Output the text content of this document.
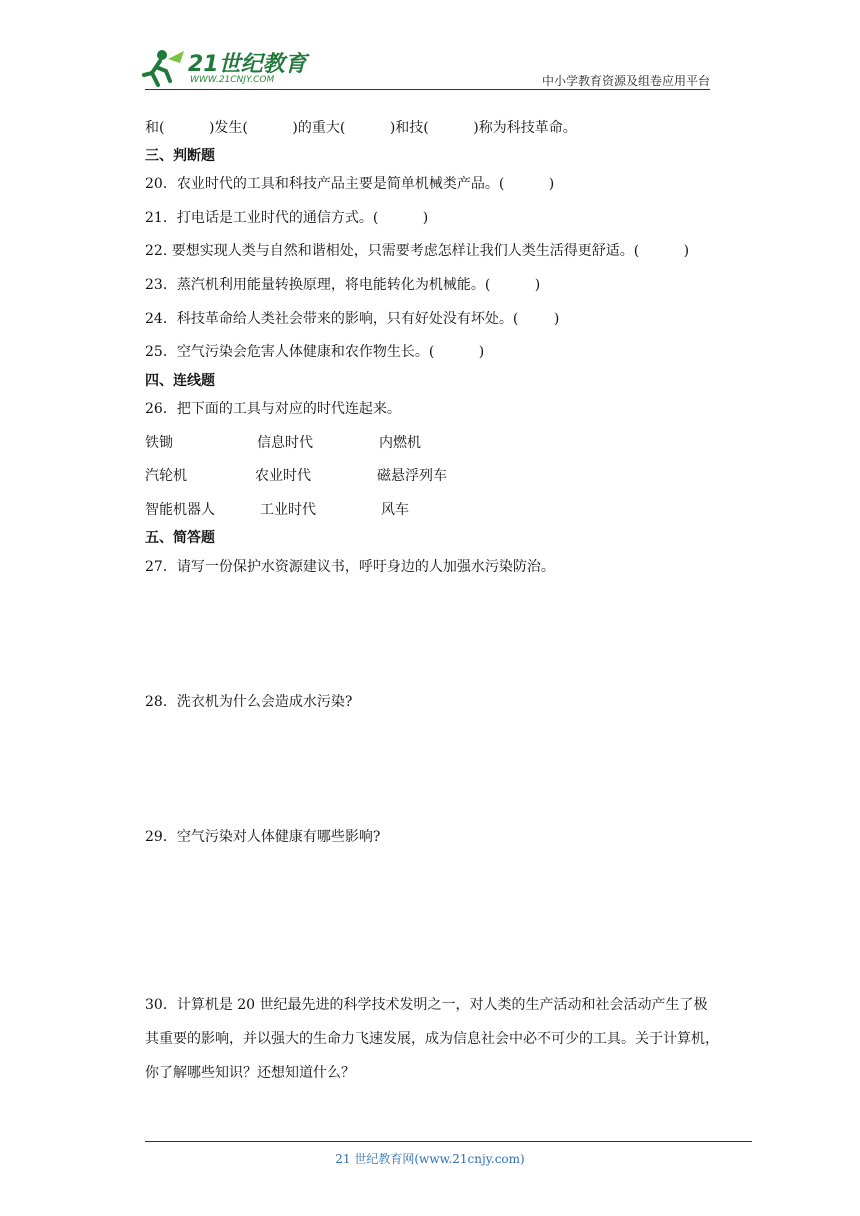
21世纪教育
WWW.21CNJY.COM	中小学教育资源及组卷应用平台
和(          )发生(          )的重大(          )和技(          )称为科技革命。
三、判断题
20．农业时代的工具和科技产品主要是简单机械类产品。(          )
21．打电话是工业时代的通信方式。(          )
22. 要想实现人类与自然和谐相处，只需要考虑怎样让我们人类生活得更舒适。(          )
23．蒸汽机利用能量转换原理，将电能转化为机械能。(          )
24．科技革命给人类社会带来的影响，只有好处没有坏处。(        )
25．空气污染会危害人体健康和农作物生长。(          )
四、连线题
26．把下面的工具与对应的时代连起来。
铁锄	信息时代	内燃机
汽轮机	农业时代	磁悬浮列车
智能机器人	工业时代	风车
五、简答题
27．请写一份保护水资源建议书，呼吁身边的人加强水污染防治。
28．洗衣机为什么会造成水污染?
29．空气污染对人体健康有哪些影响?
30．计算机是 20 世纪最先进的科学技术发明之一，对人类的生产活动和社会活动产生了极其重要的影响，并以强大的生命力飞速发展，成为信息社会中必不可少的工具。关于计算机，你了解哪些知识？还想知道什么？
21 世纪教育网(www.21cnjy.com)
